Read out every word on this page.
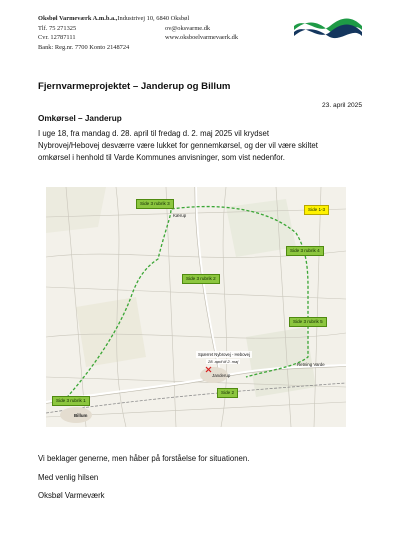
Oksbøl Varmeværk A.m.b.a., Industrivej 10, 6840 Oksbøl
Tlf. 75 271325	ov@oksvarme.dk
Cvr. 12787111	www.oksboelvarmevaerk.dk
Bank: Reg.nr. 7700 Konto 2148724
Fjernvarmeprojektet – Janderup og Billum
23. april 2025
Omkørsel – Janderup
I uge 18, fra mandag d. 28. april til fredag d. 2. maj 2025 vil krydset
Nybrovej/Hebovej desværre være lukket for gennemkørsel, og der vil være skiltet
omkørsel i henhold til Varde Kommunes anvisninger, som vist nedenfor.
Side 3 rubrik 3
Side 1-3
Side 3 rubrik 4
Side 3 rubrik 2
Side 3 rubrik 5
Side 3 rubrik 1
Side 2
Kærup
Janderup
Billum
Retning Varde
Spærret Nybrovej - Hebovej
28. april til 2. maj

Vi beklager generne, men håber på forståelse for situationen.

Med venlig hilsen

Oksbøl Varmeværk
